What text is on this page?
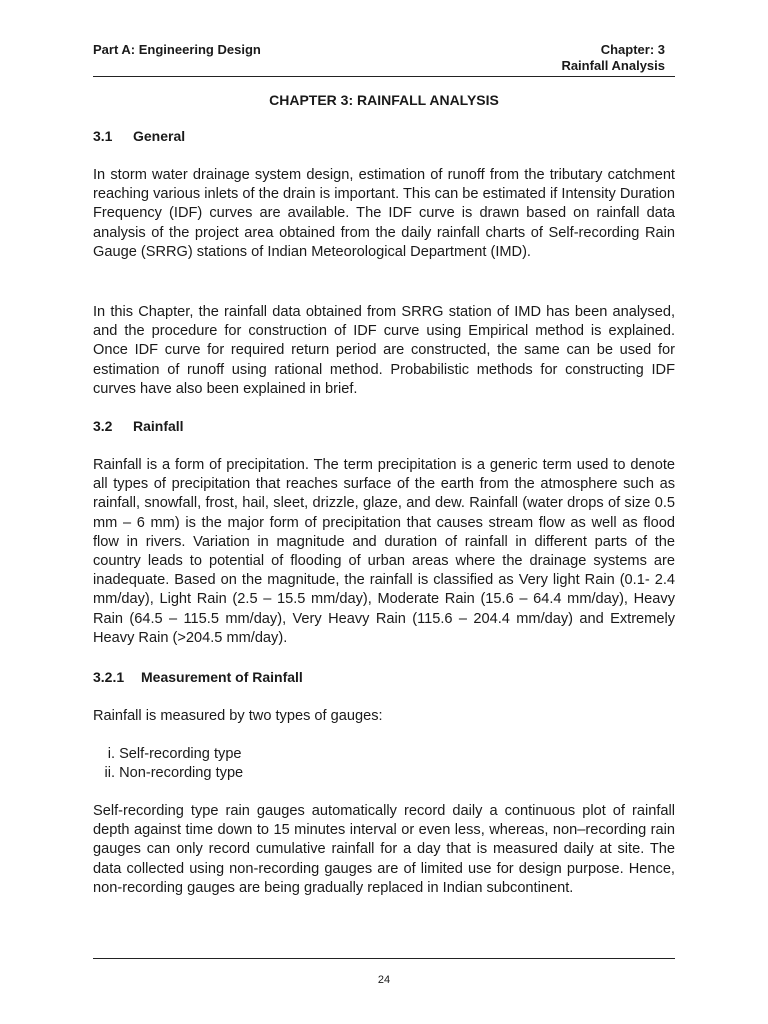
Part A: Engineering Design	Chapter: 3
Rainfall Analysis
CHAPTER 3: RAINFALL ANALYSIS
3.1 General
In storm water drainage system design, estimation of runoff from the tributary catchment reaching various inlets of the drain is important. This can be estimated if Intensity Duration Frequency (IDF) curves are available. The IDF curve is drawn based on rainfall data analysis of the project area obtained from the daily rainfall charts of Self-recording Rain Gauge (SRRG) stations of Indian Meteorological Department (IMD).
In this Chapter, the rainfall data obtained from SRRG station of IMD has been analysed, and the procedure for construction of IDF curve using Empirical method is explained. Once IDF curve for required return period are constructed, the same can be used for estimation of runoff using rational method. Probabilistic methods for constructing IDF curves have also been explained in brief.
3.2 Rainfall
Rainfall is a form of precipitation. The term precipitation is a generic term used to denote all types of precipitation that reaches surface of the earth from the atmosphere such as rainfall, snowfall, frost, hail, sleet, drizzle, glaze, and dew. Rainfall (water drops of size 0.5 mm – 6 mm) is the major form of precipitation that causes stream flow as well as flood flow in rivers. Variation in magnitude and duration of rainfall in different parts of the country leads to potential of flooding of urban areas where the drainage systems are inadequate. Based on the magnitude, the rainfall is classified as Very light Rain (0.1- 2.4 mm/day), Light Rain (2.5 – 15.5 mm/day), Moderate Rain (15.6 – 64.4 mm/day), Heavy Rain (64.5 – 115.5 mm/day), Very Heavy Rain (115.6 – 204.4 mm/day) and Extremely Heavy Rain (>204.5 mm/day).
3.2.1 Measurement of Rainfall
Rainfall is measured by two types of gauges:
i. Self-recording type
ii. Non-recording type
Self-recording type rain gauges automatically record daily a continuous plot of rainfall depth against time down to 15 minutes interval or even less, whereas, non–recording rain gauges can only record cumulative rainfall for a day that is measured daily at site. The data collected using non-recording gauges are of limited use for design purpose. Hence, non-recording gauges are being gradually replaced in Indian subcontinent.
24
